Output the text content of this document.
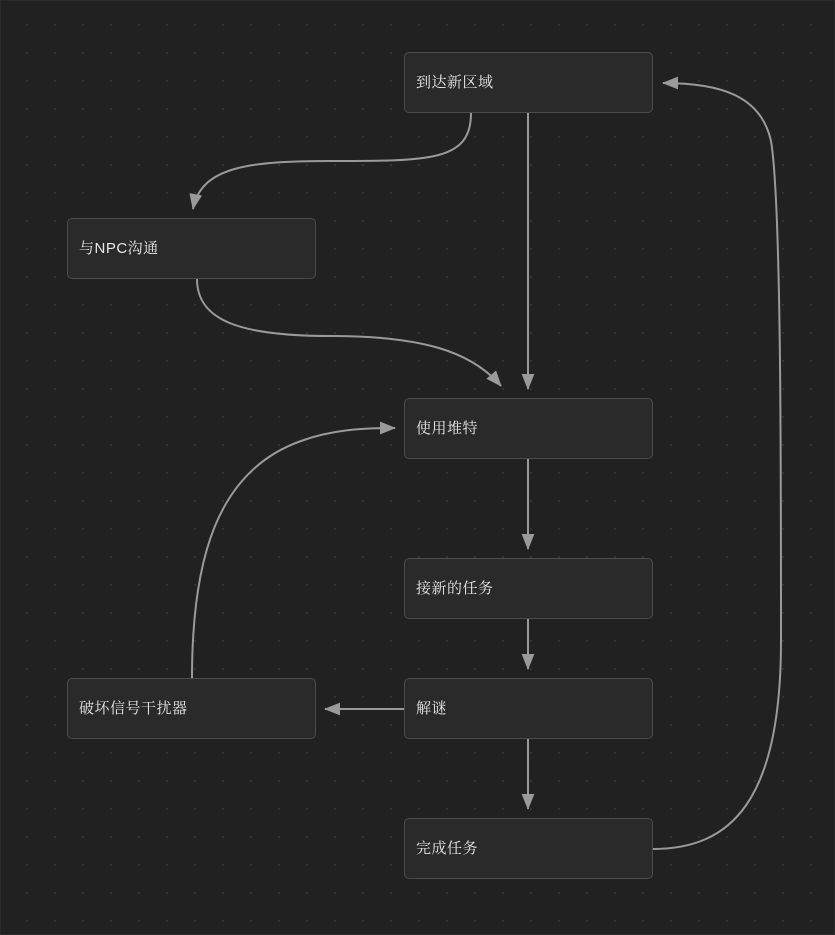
到达新区域
与NPC沟通
使用堆特
接新的任务
解谜
破坏信号干扰器
完成任务
